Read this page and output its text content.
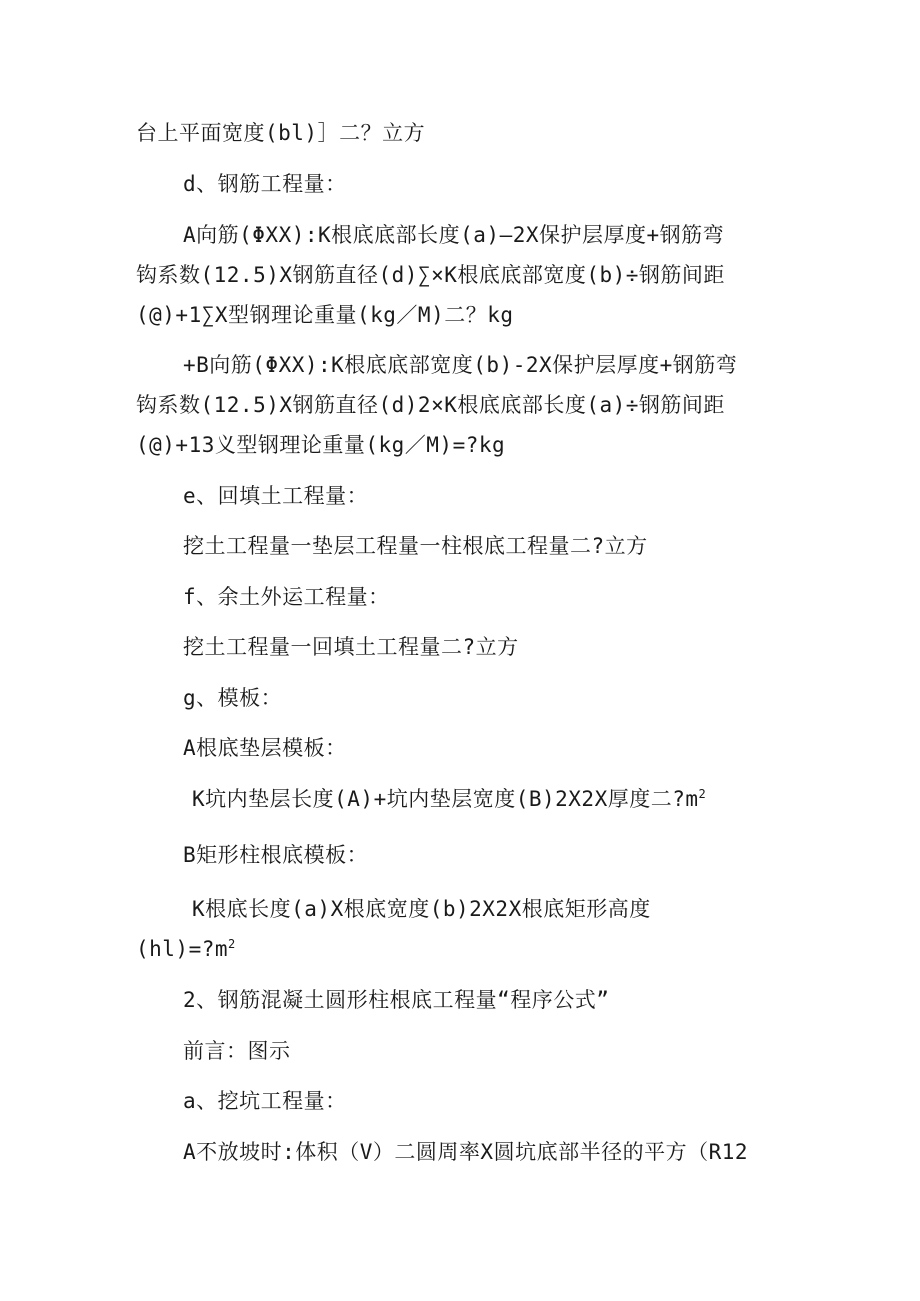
台上平面宽度(bl)］二？立方
d、钢筋工程量：
A向筋(ΦXX):K根底底部长度(a)—2X保护层厚度+钢筋弯
钩系数(12.5)X钢筋直径(d)∑×K根底底部宽度(b)÷钢筋间距
(@)+1∑X型钢理论重量(kg／M)二？kg
+B向筋(ΦXX):K根底底部宽度(b)-2X保护层厚度+钢筋弯
钩系数(12.5)X钢筋直径(d)2×K根底底部长度(a)÷钢筋间距
(@)+13义型钢理论重量(kg／M)=?kg
e、回填土工程量：
挖土工程量一垫层工程量一柱根底工程量二?立方
f、余土外运工程量：
挖土工程量一回填土工程量二?立方
g、模板：
A根底垫层模板：
K坑内垫层长度(A)+坑内垫层宽度(B)2X2X厚度二$?m^2$
B矩形柱根底模板：
K根底长度(a)X根底宽度(b)2X2X根底矩形高度
$(hl)=?m^2$
2、钢筋混凝土圆形柱根底工程量“程序公式”
前言：图示
a、挖坑工程量：
A不放坡时:体积（V）二圆周率X圆坑底部半径的平方（R12
